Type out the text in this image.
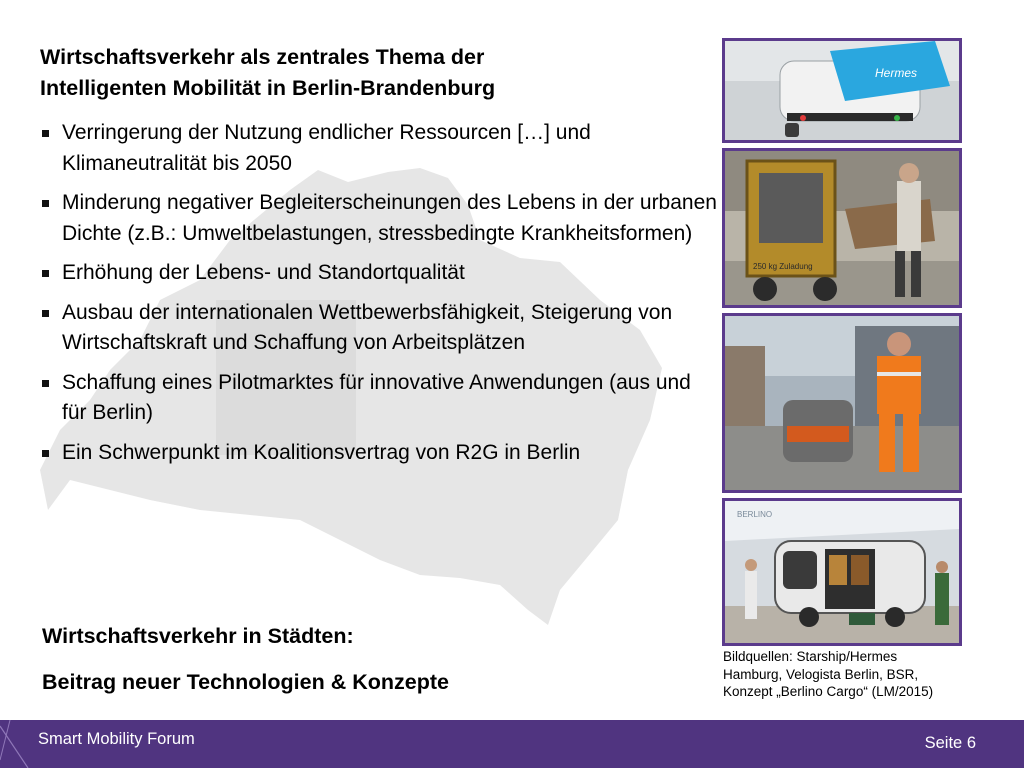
Wirtschaftsverkehr als zentrales Thema der
Intelligenten Mobilität in Berlin-Brandenburg
Verringerung der Nutzung endlicher Ressourcen […] und Klimaneutralität bis 2050
Minderung negativer Begleiterscheinungen des Lebens in der urbanen Dichte (z.B.: Umweltbelastungen, stressbedingte Krankheitsformen)
Erhöhung der Lebens- und Standortqualität
Ausbau der internationalen Wettbewerbsfähigkeit, Steigerung von Wirtschaftskraft und Schaffung von Arbeitsplätzen
Schaffung eines Pilotmarktes für innovative Anwendungen (aus und für Berlin)
Ein Schwerpunkt im Koalitionsvertrag von R2G in Berlin

Wirtschaftsverkehr in Städten:

Beitrag neuer Technologien & Konzepte

Hermes
250 kg Zuladung
BERLINO

Bildquellen: Starship/Hermes
Hamburg, Velogista Berlin, BSR,
Konzept „Berlino Cargo“ (LM/2015)

Smart Mobility Forum	Seite 6
